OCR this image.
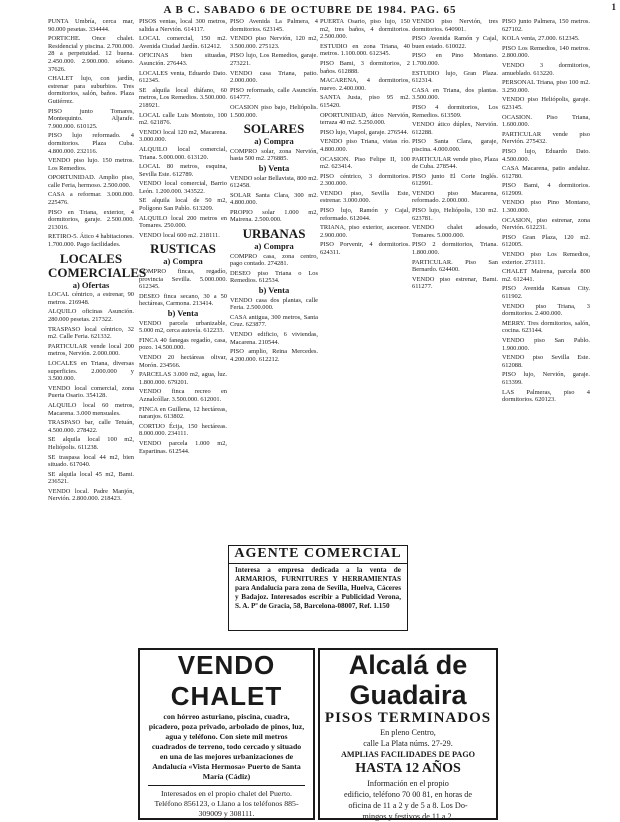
A B C. SABADO 6 DE OCTUBRE DE 1984. PAG. 65	1

PUNTA Umbría, cerca mar, 90.000 pesetas. 334444.

PORTICHE. Once chalet. Residencial y piscina. 2.700.000. 28 a perpetuidad. 12 buena. 2.450.000. 2.900.000. sótano. 37626.

CHALET lujo, con jardín, estrenar para suburbios. Tres dormitorios, salón, baños. Plaza Gutiérrez.

PISO junto Tomares, Montequinto. Aljarafe. 7.900.000. 610125.

PISO lujo reformado. 4 dormitorios. Plaza Cuba. 4.800.000. 232116.

VENDO piso lujo. 150 metros. Los Remedios.

OPORTUNIDAD. Amplio piso, calle Feria, hermoso. 2.500.000.

CASA a reformar. 3.000.000. 225476.

PISO en Triana, exterior, 4 dormitorios, garaje. 2.500.000. 213016.

RETIRO-5. Ático 4 habitaciones. 1.700.000. Pago facilidades.

LOCALES COMERCIALES
a) Ofertas

LOCAL céntrico, a estrenar, 90 metros. 216948.

ALQUILO oficinas Asunción. 280.000 pesetas. 217322.

TRASPASO local céntrico, 32 m2. Calle Feria. 621332.

PARTICULAR vende local 200 metros, Nervión. 2.000.000.

LOCALES en Triana, diversas superficies. 2.000.000 y 3.500.000.

VENDO local comercial, zona Puerta Osario. 354128.

ALQUILO local 60 metros, Macarena. 3.000 mensuales.

TRASPASO bar, calle Tetuán, 4.500.000. 278422.

SE alquila local 100 m2, Heliópolis. 611238.

SE traspasa local 44 m2, bien situado. 617040.

SE alquila local 45 m2, Bami. 236521.

VENDO local. Padre Manjón, Nervión. 2.800.000. 218423.

PISOS ventas, local 300 metros, salida a Nervión. 614117.

LOCAL comercial, 150 m2. Avenida Ciudad Jardín. 612412.

OFICINAS bien situadas, Asunción. 276443.

LOCALES venta, Eduardo Dato. 612345.

SE alquila local diáfano, 60 metros, Los Remedios. 3.500.000. 218921.

LOCAL calle Luis Montoto, 100 m2. 621876.

VENDO local 120 m2, Macarena. 3.000.000.

ALQUILO local comercial, Triana. 5.000.000. 613120.

LOCAL 80 metros, esquina, Sevilla Este. 612789.

VENDO local comercial, Barrio León. 1.200.000. 343522.

SE alquila local de 50 m2, Polígono San Pablo. 613209.

ALQUILO local 200 metros en Tomares. 250.000.

VENDO local 600 m2. 218111.

RUSTICAS
a) Compra

COMPRO fincas, regadío, provincia Sevilla. 5.000.000. 612345.

DESEO finca secano, 30 a 50 hectáreas, Carmona. 213414.

b) Venta

VENDO parcela urbanizable, 5.000 m2, cerca autovía. 612233.

FINCA 40 fanegas regadío, casa, pozo. 14.500.000.

VENDO 20 hectáreas olivar, Morón. 234566.

PARCELAS 3.000 m2, agua, luz. 1.800.000. 679201.

VENDO finca recreo en Aznalcóllar. 3.500.000. 612001.

FINCA en Guillena, 12 hectáreas, naranjos. 613802.

CORTIJO Écija, 150 hectáreas. 8.000.000. 234111.

VENDO parcela 1.000 m2, Espartinas. 612544.

PISO Avenida La Palmera, 4 dormitorios. 623145.

VENDO piso Nervión, 120 m2, 3.500.000. 275123.

PISO lujo, Los Remedios, garaje. 273221.

VENDO casa Triana, patio. 2.000.000.

PISO reformado, calle Asunción. 614777.

OCASION piso bajo, Heliópolis. 1.500.000.

SOLARES
a) Compra

COMPRO solar, zona Nervión, hasta 500 m2. 276885.

b) Venta

VENDO solar Bellavista, 800 m2. 612458.

SOLAR Santa Clara, 300 m2. 4.800.000.

PROPIO solar 1.000 m2, Mairena. 2.500.000.

URBANAS
a) Compra

COMPRO casa, zona centro, pago contado. 274281.

DESEO piso Triana o Los Remedios. 612534.

b) Venta

VENDO casa dos plantas, calle Feria. 2.500.000.

CASA antigua, 300 metros, Santa Cruz. 623877.

VENDO edificio, 6 viviendas, Macarena. 210544.

PISO amplio, Reina Mercedes. 4.200.000. 612212.

PUERTA Osario, piso lujo, 150 m2, tres baños, 4 dormitorios. 2.500.000.

ESTUDIO en zona Triana, 40 metros. 1.100.000. 612345.

PISO Bami, 3 dormitorios, 2 baños. 612888.

MACARENA, 4 dormitorios, nuevo. 2.400.000.

SANTA Justa, piso 95 m2. 615420.

OPORTUNIDAD, ático Nervión, terraza 40 m2. 5.250.000.

PISO lujo, Viapol, garaje. 276544.

VENDO piso Triana, vistas río. 4.800.000.

OCASION. Piso Felipe II, 100 m2. 623414.

PISO céntrico, 3 dormitorios. 2.300.000.

VENDO piso, Sevilla Este, estrenar. 3.000.000.

PISO lujo, Ramón y Cajal, reformado. 612044.

TRIANA, piso exterior, ascensor. 2.900.000.

PISO Porvenir, 4 dormitorios. 624311.

VENDO piso Nervión, tres dormitorios. 640901.

PISO Avenida Ramón y Cajal, buen estado. 610022.

PISO en Pino Montano. 1.700.000.

ESTUDIO lujo, Gran Plaza. 612314.

CASA en Triana, dos plantas. 3.500.000.

PISO 4 dormitorios, Los Remedios. 613509.

VENDO ático dúplex, Nervión. 612288.

PISO Santa Clara, garaje, piscina. 4.000.000.

PARTICULAR vende piso, Plaza de Cuba. 278544.

PISO junto El Corte Inglés. 612991.

VENDO piso Macarena, reformado. 2.000.000.

PISO lujo, Heliópolis, 130 m2. 623781.

VENDO chalet adosado, Tomares. 5.000.000.

PISO 2 dormitorios, Triana. 1.800.000.

PARTICULAR. Piso San Bernardo. 624400.

VENDO piso estrenar, Bami. 611277.

PISO junto Palmera, 150 metros. 627102.

KOLA venta, 27.000. 612345.

PISO Los Remedios, 140 metros. 2.800.000.

VENDO 3 dormitorios, amueblado. 613220.

PERSONAL Triana, piso 100 m2. 3.250.000.

VENDO piso Heliópolis, garaje. 623145.

OCASION. Piso Triana, 1.600.000.

PARTICULAR vende piso Nervión. 275432.

PISO lujo, Eduardo Dato. 4.500.000.

CASA Macarena, patio andaluz. 612780.

PISO Bami, 4 dormitorios. 612909.

VENDO piso Pino Montano, 1.300.000.

OCASION, piso estrenar, zona Nervión. 612231.

PISO Gran Plaza, 120 m2. 612005.

VENDO piso Los Remedios, exterior. 273111.

CHALET Mairena, parcela 800 m2. 612441.

PISO Avenida Kansas City. 611902.

VENDO piso Triana, 3 dormitorios. 2.400.000.

MERRY. Tres dormitorios, salón, cocina. 623144.

VENDO piso San Pablo. 1.900.000.

VENDO piso Sevilla Este. 612088.

PISO lujo, Nervión, garaje. 613399.

LAS Palmeras, piso 4 dormitorios. 620123.

AGENTE COMERCIAL
Interesa a empresa dedicada a la venta de ARMARIOS, FURNITURES Y HERRAMIENTAS para Andalucía para zona de Sevilla, Huelva, Cáceres y Badajoz. Interesados escribir a Publicidad Verona, S. A. Pº de Gracia, 58, Barcelona-08007, Ref. 1.150
VENDO CHALET
con hórreo asturiano, piscina, cuadra, picadero, poza privado, arbolado de pinos, luz, agua y teléfono. Con siete mil metros cuadrados de terreno, todo cercado y situado en una de las mejores urbanizaciones de Andalucía «Vista Hermosa» Puerto de Santa María (Cádiz)
Interesados en el propio chalet del Puerto. Teléfono 856123, o Llano a los teléfonos 885-309009 y 308111.
Alcalá de Guadaira
PISOS TERMINADOS
En pleno Centro,
calle La Plata núms. 27-29.
AMPLIAS FACILIDADES DE PAGO
HASTA 12 AÑOS
Información en el propio
edificio, teléfono 70 00 81, en horas de
oficina de 11 a 2 y de 5 a 8. Los Do-
mingos y festivos de 11 a 2.
